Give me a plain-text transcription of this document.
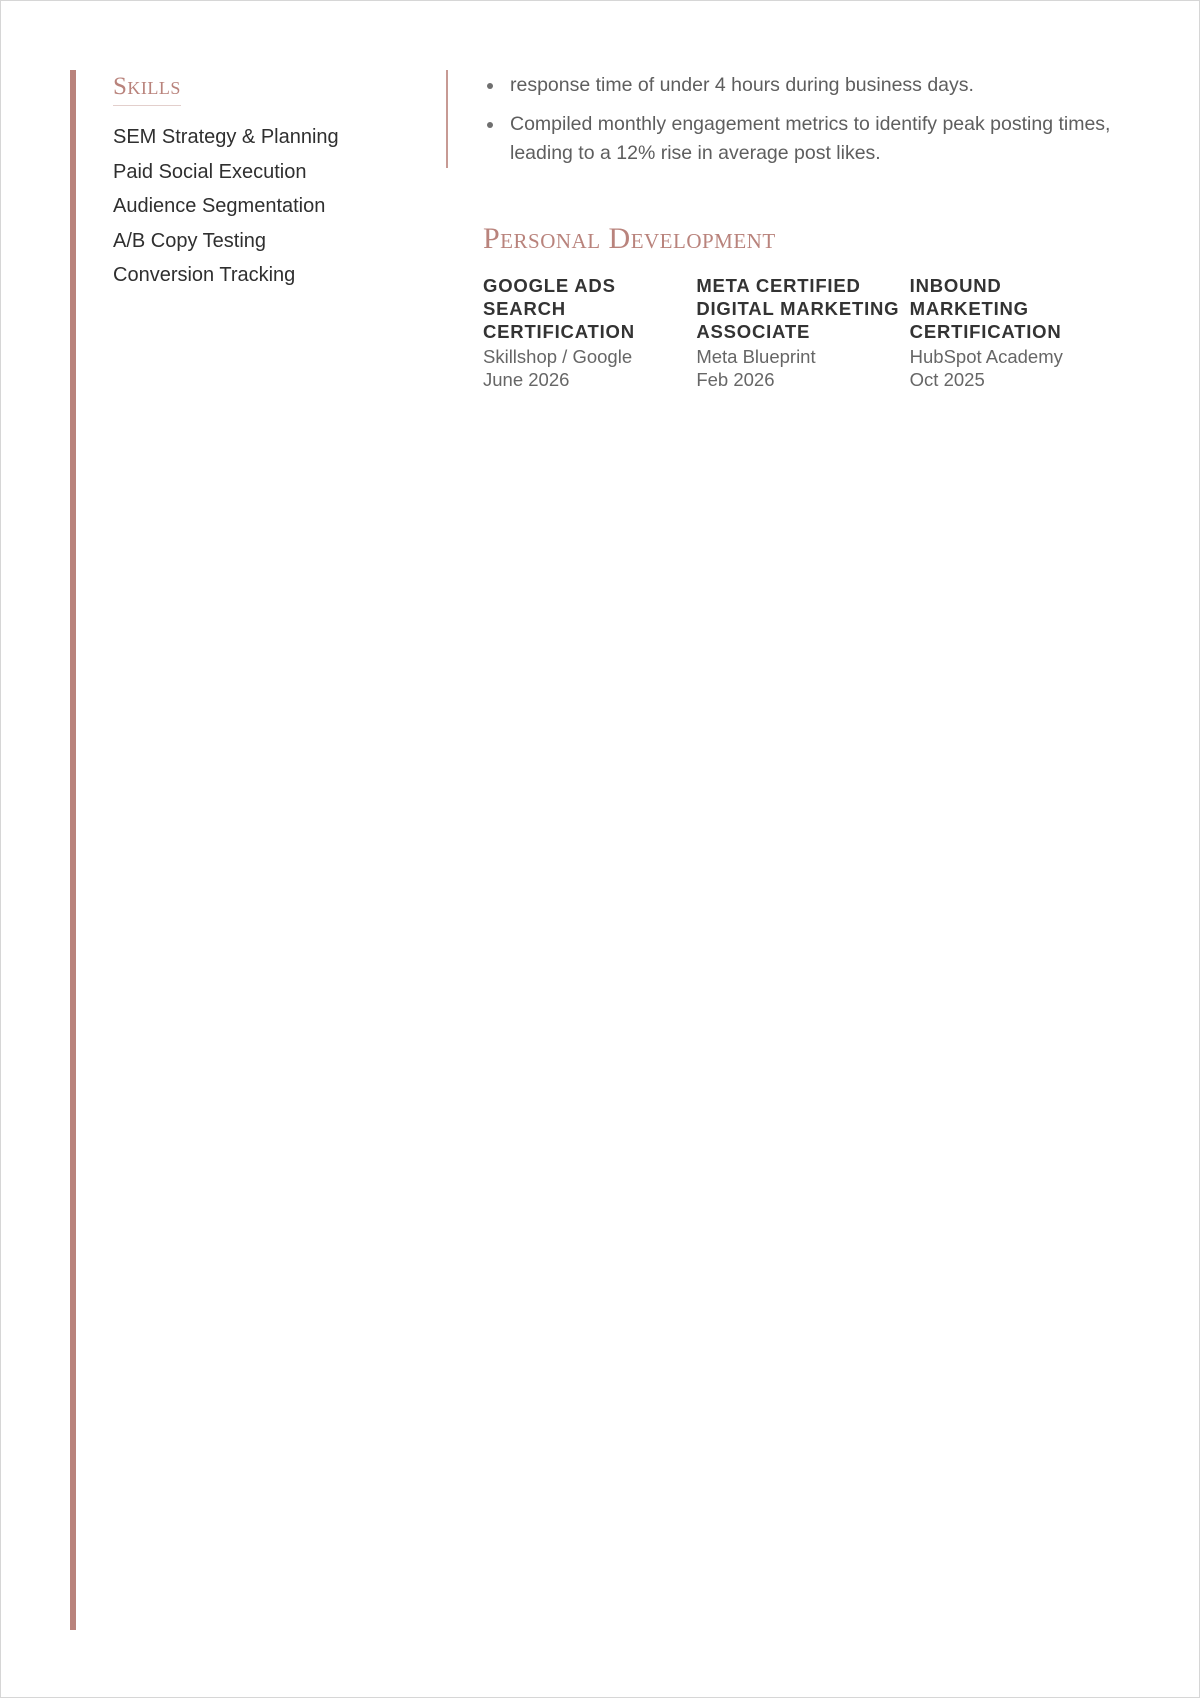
Skills
SEM Strategy & Planning
Paid Social Execution
Audience Segmentation
A/B Copy Testing
Conversion Tracking
response time of under 4 hours during business days.
Compiled monthly engagement metrics to identify peak posting times, leading to a 12% rise in average post likes.
Personal Development
GOOGLE ADS SEARCH CERTIFICATION
Skillshop / Google
June 2026
META CERTIFIED DIGITAL MARKETING ASSOCIATE
Meta Blueprint
Feb 2026
INBOUND MARKETING CERTIFICATION
HubSpot Academy
Oct 2025
